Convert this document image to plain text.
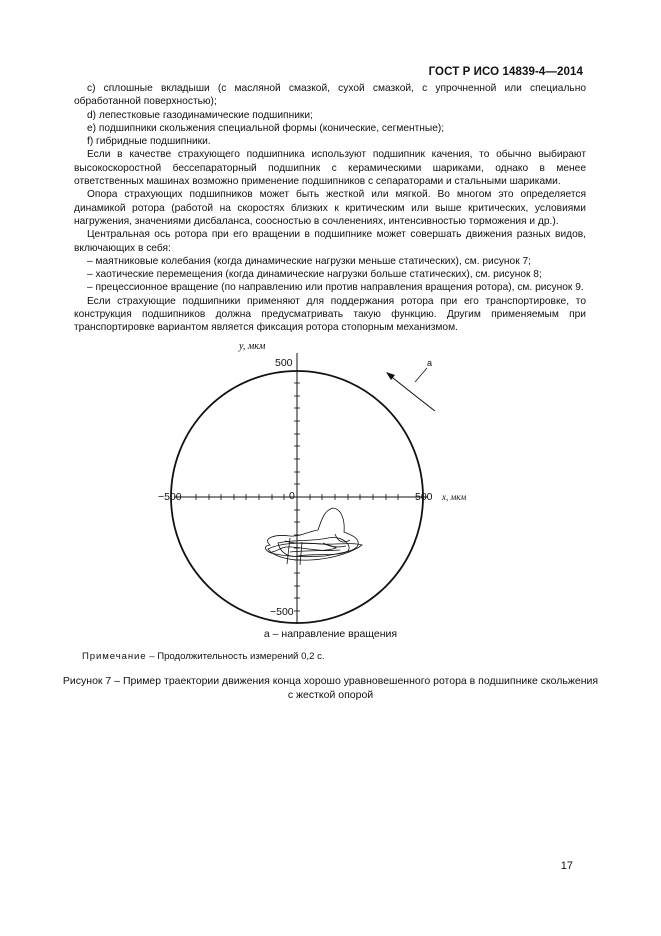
ГОСТ Р ИСО 14839-4—2014

c) сплошные вкладыши (с масляной смазкой, сухой смазкой, с упрочненной или специально обработанной поверхностью);

d) лепестковые газодинамические подшипники;

e) подшипники скольжения специальной формы (конические, сегментные);

f) гибридные подшипники.

Если в качестве страхующего подшипника используют подшипник качения, то обычно выбирают высокоскоростной бессепараторный подшипник с керамическими шариками, однако в менее ответственных машинах возможно применение подшипников с сепараторами и стальными шариками.

Опора страхующих подшипников может быть жесткой или мягкой. Во многом это определяется динамикой ротора (работой на скоростях близких к критическим или выше критических, условиями нагружения, значениями дисбаланса, соосностью в сочленениях, интенсивностью торможения и др.).

Центральная ось ротора при его вращении в подшипнике может совершать движения разных видов, включающих в себя:

– маятниковые колебания (когда динамические нагрузки меньше статических), см. рисунок 7;

– хаотические перемещения (когда динамические нагрузки больше статических), см. рисунок 8;

– прецессионное вращение (по направлению или против направления вращения ротора), см. рисунок 9.

Если страхующие подшипники применяют для поддержания ротора при его транспортировке, то конструкция подшипников должна предусматривать такую функцию. Другим применяемым при транспортировке вариантом является фиксация ротора стопорным механизмом.

y, мкм
500
−500
−500	500
0	x, мкм
a
а – направление вращения
Примечание – Продолжительность измерений 0,2 с.
Рисунок 7 – Пример траектории движения конца хорошо уравновешенного ротора в подшипнике скольжения с жесткой опорой
17
